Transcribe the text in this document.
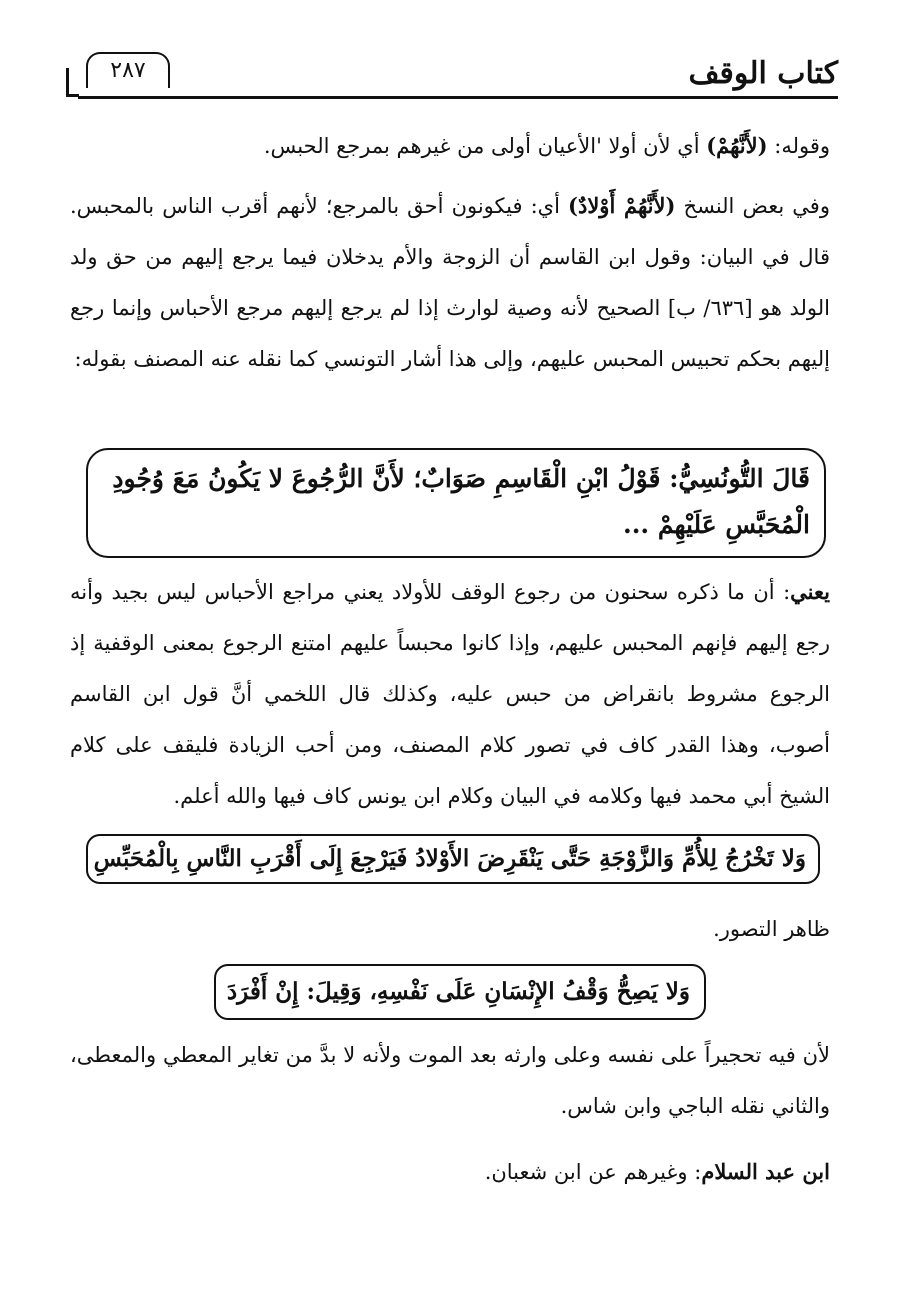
كتاب الوقف
٢٨٧
وقوله: (لأَنَّهُمْ) أي لأن أولا 'الأعيان أولى من غيرهم بمرجع الحبس.
وفي بعض النسخ (لأَنَّهُمْ أَوْلادٌ) أي: فيكونون أحق بالمرجع؛ لأنهم أقرب الناس بالمحبس. قال في البيان: وقول ابن القاسم أن الزوجة والأم يدخلان فيما يرجع إليهم من حق ولد الولد هو [٦٣٦/ ب] الصحيح لأنه وصية لوارث إذا لم يرجع إليهم مرجع الأحباس وإنما رجع إليهم بحكم تحبيس المحبس عليهم، وإلى هذا أشار التونسي كما نقله عنه المصنف بقوله:
قَالَ التُّونُسِيُّ: قَوْلُ ابْنِ الْقَاسِمِ صَوَابٌ؛ لأَنَّ الرُّجُوعَ لا يَكُونُ مَعَ وُجُودِ الْمُحَبَّسِ عَلَيْهِمْ ...
يعني: أن ما ذكره سحنون من رجوع الوقف للأولاد يعني مراجع الأحباس ليس بجيد وأنه رجع إليهم فإنهم المحبس عليهم، وإذا كانوا محبساً عليهم امتنع الرجوع بمعنى الوقفية إذ الرجوع مشروط بانقراض من حبس عليه، وكذلك قال اللخمي أنَّ قول ابن القاسم أصوب، وهذا القدر كاف في تصور كلام المصنف، ومن أحب الزيادة فليقف على كلام الشيخ أبي محمد فيها وكلامه في البيان وكلام ابن يونس كاف فيها والله أعلم.
وَلا تَخْرُجُ لِلأُمِّ وَالزَّوْجَةِ حَتَّى يَنْقَرِضَ الأَوْلادُ فَيَرْجِعَ إِلَى أَقْرَبِ النَّاسِ بِالْمُحَبِّسِ
ظاهر التصور.
وَلا يَصِحُّ وَقْفُ الإِنْسَانِ عَلَى نَفْسِهِ، وَقِيلَ: إِنْ أَفْرَدَ
لأن فيه تحجيراً على نفسه وعلى وارثه بعد الموت ولأنه لا بدَّ من تغاير المعطي والمعطى، والثاني نقله الباجي وابن شاس.
ابن عبد السلام: وغيرهم عن ابن شعبان.
